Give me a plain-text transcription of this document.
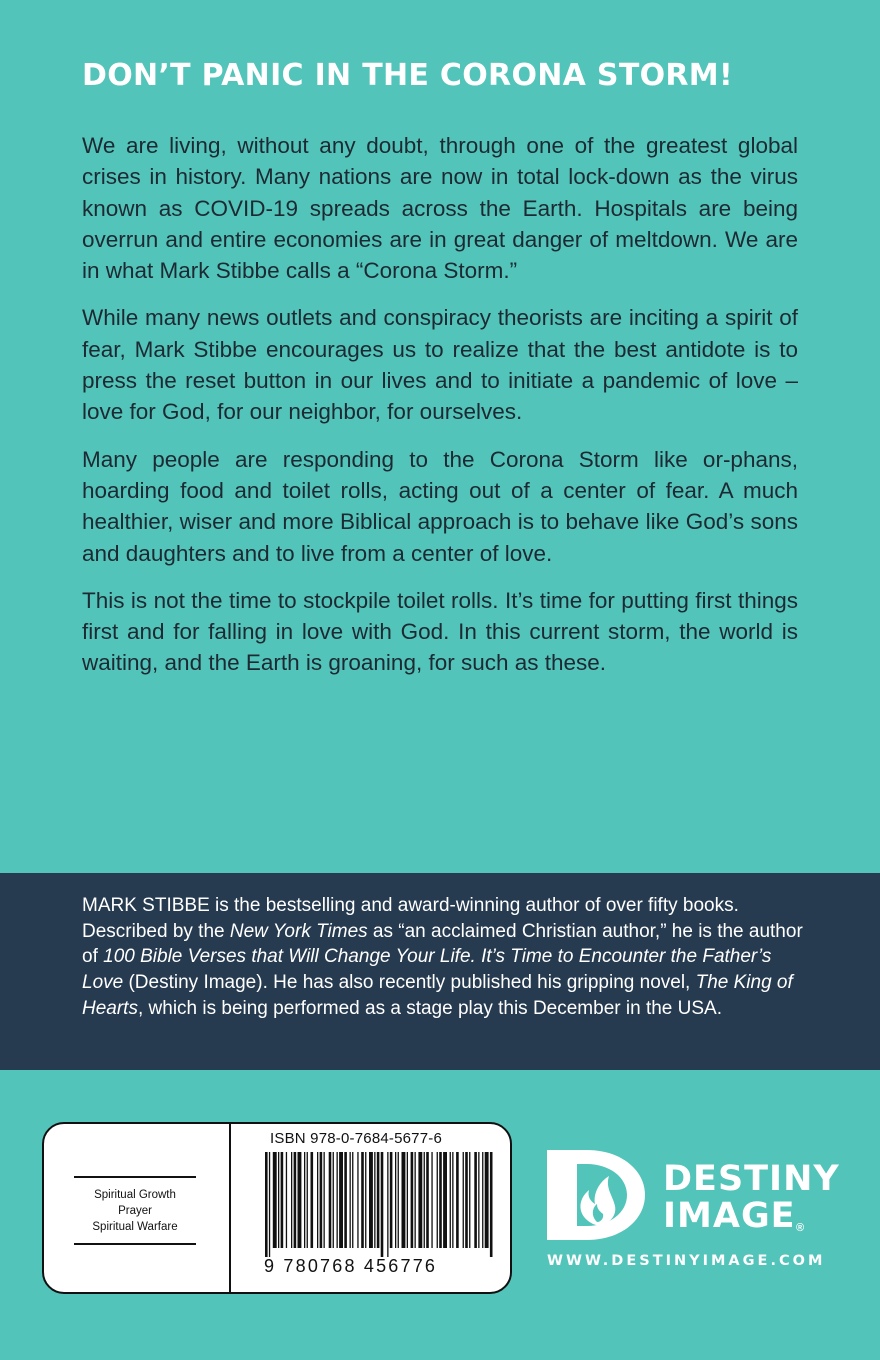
DON’T PANIC IN THE CORONA STORM!

We are living, without any doubt, through one of the greatest global crises in history. Many nations are now in total lock-down as the virus known as COVID-19 spreads across the Earth. Hospitals are being overrun and entire economies are in great danger of meltdown. We are in what Mark Stibbe calls a “Corona Storm.”

While many news outlets and conspiracy theorists are inciting a spirit of fear, Mark Stibbe encourages us to realize that the best antidote is to press the reset button in our lives and to initiate a pandemic of love – love for God, for our neighbor, for ourselves.

Many people are responding to the Corona Storm like or-phans, hoarding food and toilet rolls, acting out of a center of fear. A much healthier, wiser and more Biblical approach is to behave like God’s sons and daughters and to live from a center of love.

This is not the time to stockpile toilet rolls. It’s time for putting first things first and for falling in love with God. In this current storm, the world is waiting, and the Earth is groaning, for such as these.

MARK STIBBE is the bestselling and award-winning author of over fifty books. Described by the New York Times as “an acclaimed Christian author,” he is the author of 100 Bible Verses that Will Change Your Life. It’s Time to Encounter the Father’s Love (Destiny Image). He has also recently published his gripping novel, The King of Hearts, which is being performed as a stage play this December in the USA.

Spiritual Growth
Prayer
Spiritual Warfare
ISBN 978-0-7684-5677-6
9 780768 456776
DESTINY
IMAGE ®
WWW.DESTINYIMAGE.COM
